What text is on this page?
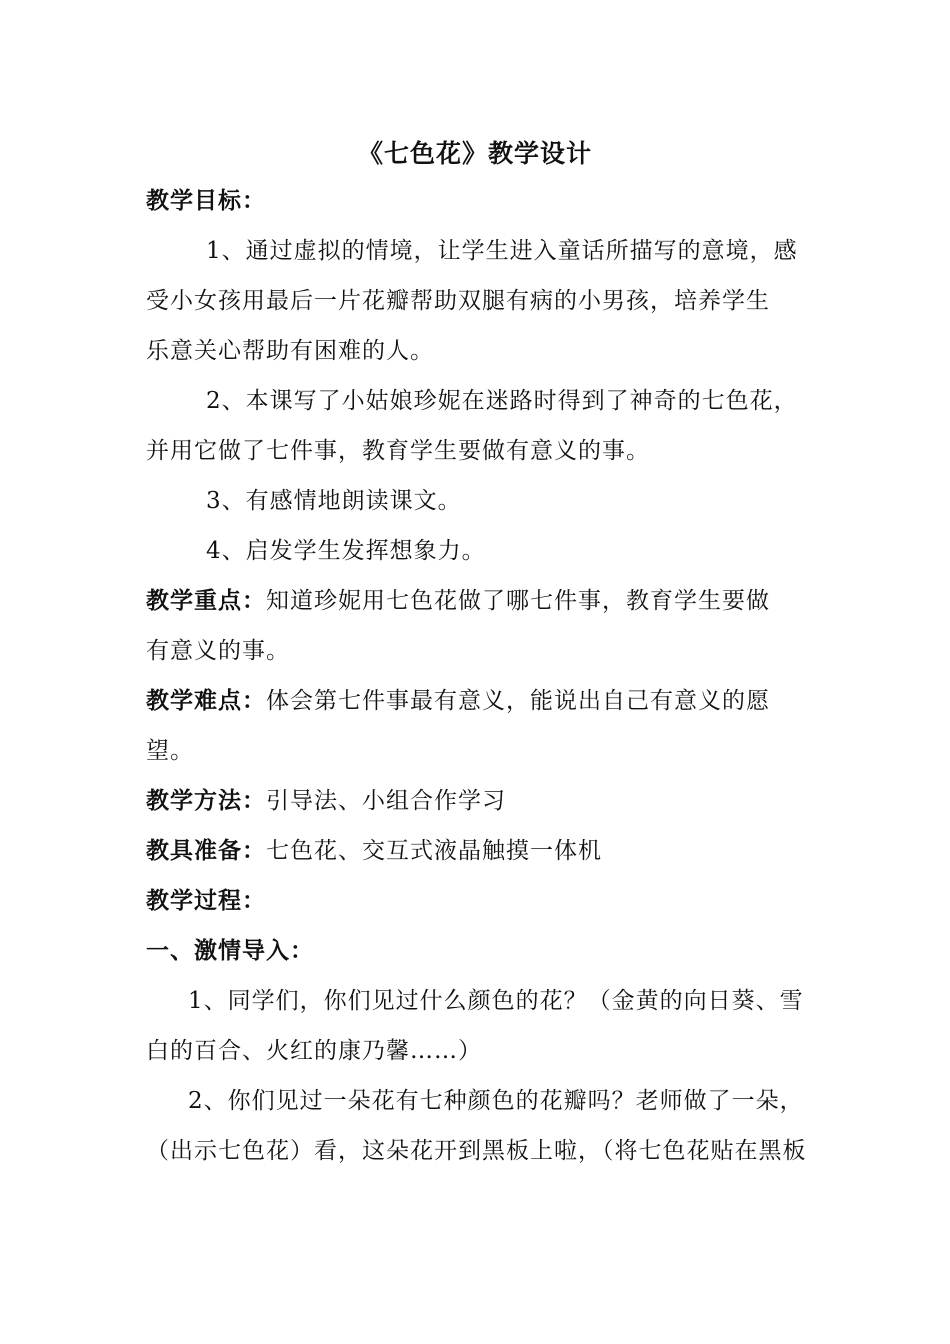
《七色花》教学设计
教学目标：
1、通过虚拟的情境，让学生进入童话所描写的意境，感
受小女孩用最后一片花瓣帮助双腿有病的小男孩，培养学生
乐意关心帮助有困难的人。
2、本课写了小姑娘珍妮在迷路时得到了神奇的七色花，
并用它做了七件事，教育学生要做有意义的事。
3、有感情地朗读课文。
4、启发学生发挥想象力。
教学重点：知道珍妮用七色花做了哪七件事，教育学生要做
有意义的事。
教学难点：体会第七件事最有意义，能说出自己有意义的愿
望。
教学方法：引导法、小组合作学习
教具准备：七色花、交互式液晶触摸一体机
教学过程：
一、激情导入：
1、同学们，你们见过什么颜色的花？（金黄的向日葵、雪
白的百合、火红的康乃馨……）
2、你们见过一朵花有七种颜色的花瓣吗？老师做了一朵，
（出示七色花）看，这朵花开到黑板上啦，（将七色花贴在黑板
